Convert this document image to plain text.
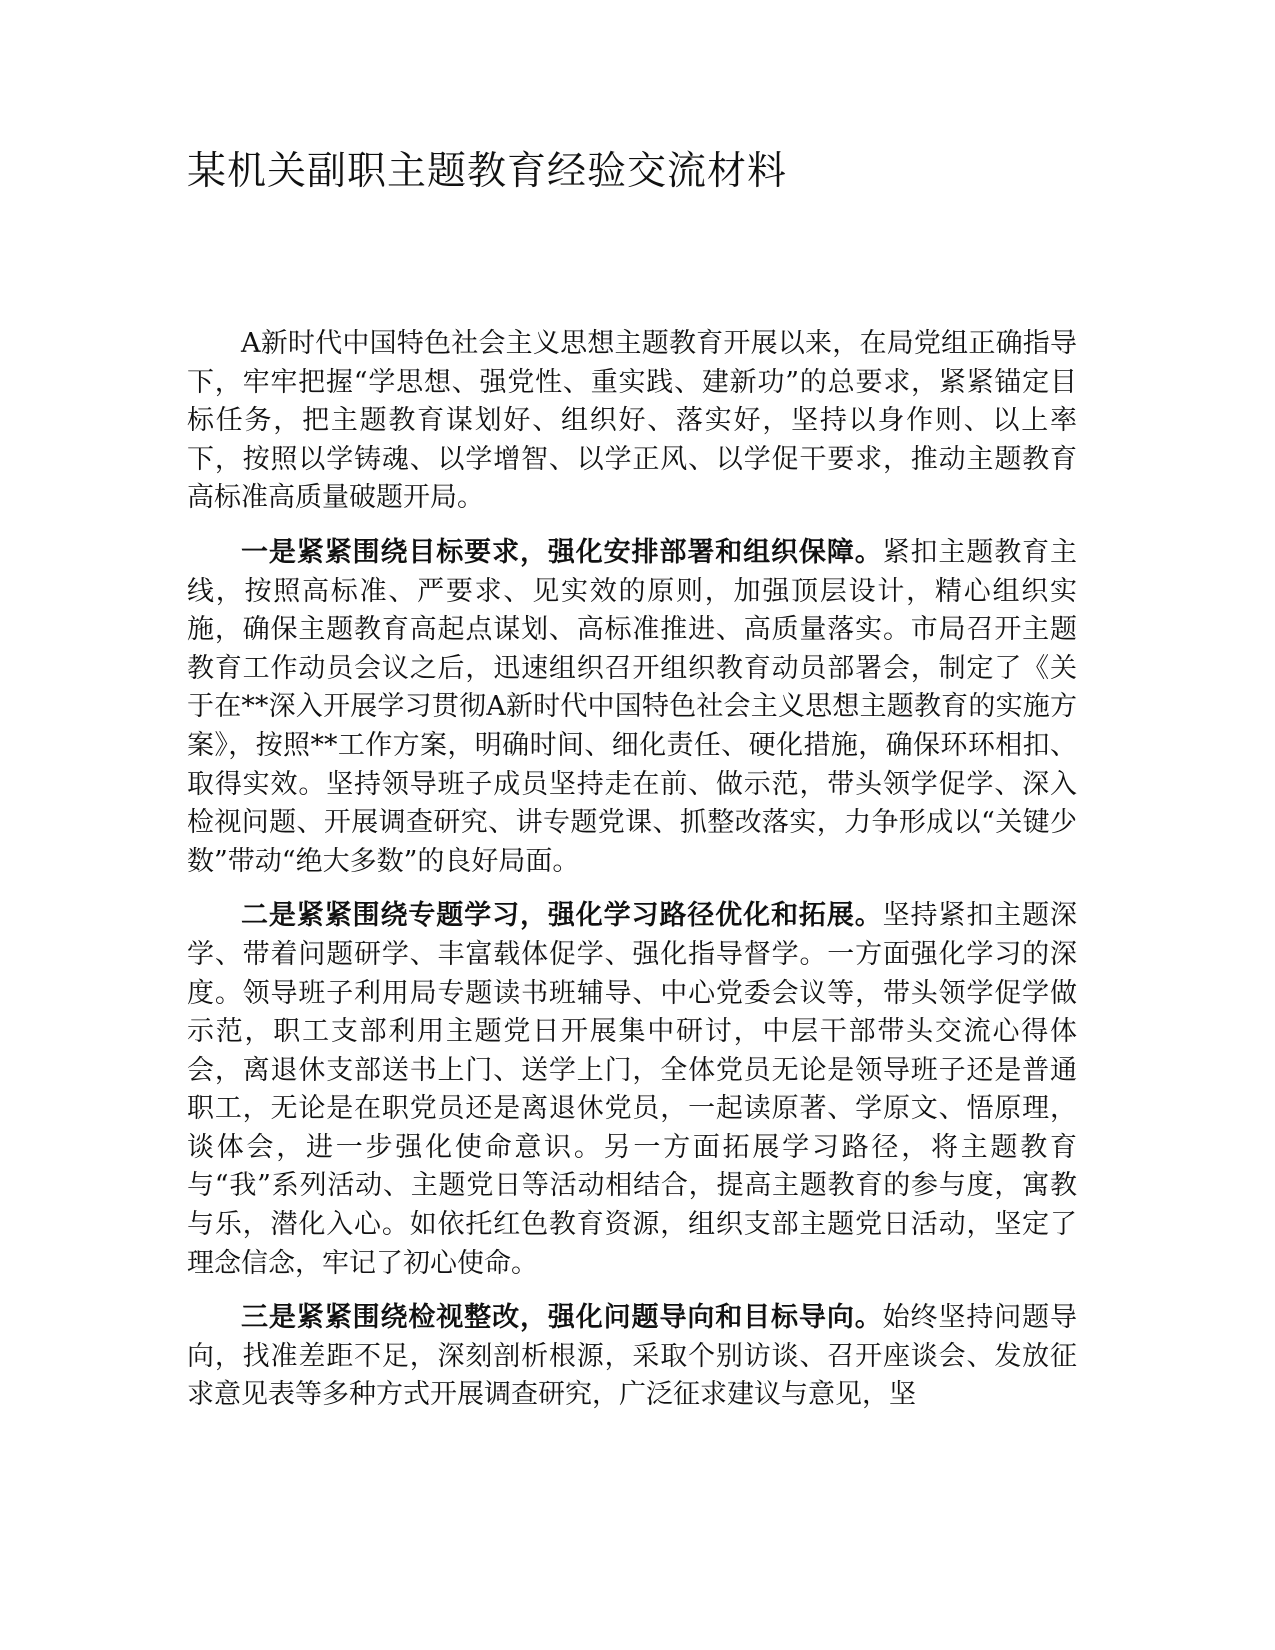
某机关副职主题教育经验交流材料

A新时代中国特色社会主义思想主题教育开展以来，在局党组正确指导下，牢牢把握“学思想、强党性、重实践、建新功”的总要求，紧紧锚定目标任务，把主题教育谋划好、组织好、落实好，坚持以身作则、以上率下，按照以学铸魂、以学增智、以学正风、以学促干要求，推动主题教育高标准高质量破题开局。

一是紧紧围绕目标要求，强化安排部署和组织保障。紧扣主题教育主线，按照高标准、严要求、见实效的原则，加强顶层设计，精心组织实施，确保主题教育高起点谋划、高标准推进、高质量落实。市局召开主题教育工作动员会议之后，迅速组织召开组织教育动员部署会，制定了《关于在**深入开展学习贯彻A新时代中国特色社会主义思想主题教育的实施方案》，按照**工作方案，明确时间、细化责任、硬化措施，确保环环相扣、取得实效。坚持领导班子成员坚持走在前、做示范，带头领学促学、深入检视问题、开展调查研究、讲专题党课、抓整改落实，力争形成以“关键少数”带动“绝大多数”的良好局面。

二是紧紧围绕专题学习，强化学习路径优化和拓展。坚持紧扣主题深学、带着问题研学、丰富载体促学、强化指导督学。一方面强化学习的深度。领导班子利用局专题读书班辅导、中心党委会议等，带头领学促学做示范，职工支部利用主题党日开展集中研讨，中层干部带头交流心得体会，离退休支部送书上门、送学上门，全体党员无论是领导班子还是普通职工，无论是在职党员还是离退休党员，一起读原著、学原文、悟原理，谈体会，进一步强化使命意识。另一方面拓展学习路径，将主题教育与“我”系列活动、主题党日等活动相结合，提高主题教育的参与度，寓教与乐，潜化入心。如依托红色教育资源，组织支部主题党日活动，坚定了理念信念，牢记了初心使命。

三是紧紧围绕检视整改，强化问题导向和目标导向。始终坚持问题导向，找准差距不足，深刻剖析根源，采取个别访谈、召开座谈会、发放征求意见表等多种方式开展调查研究，广泛征求建议与意见，坚
